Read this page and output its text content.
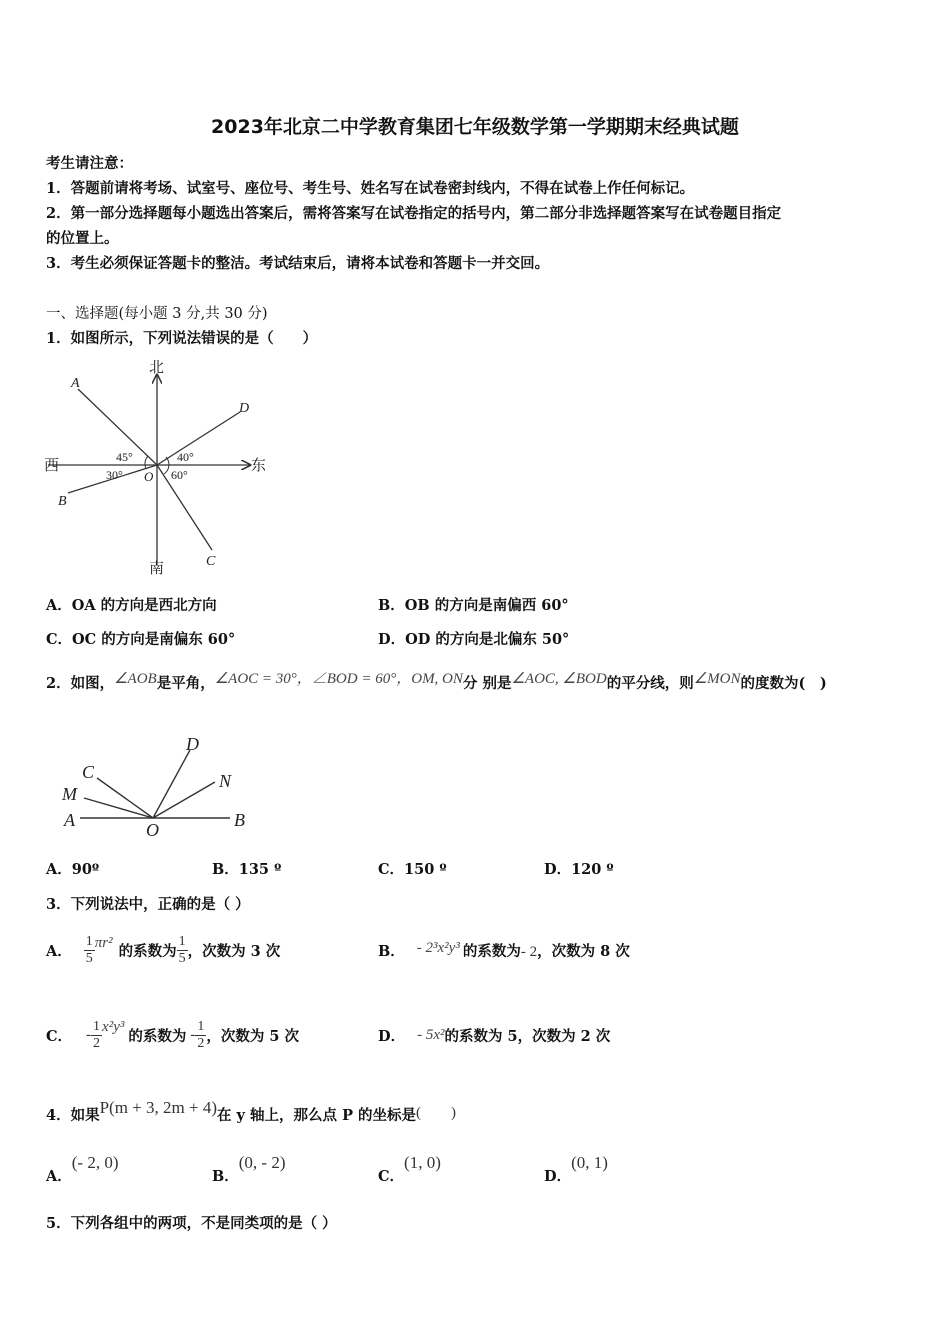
2023年北京二中学教育集团七年级数学第一学期期末经典试题
考生请注意：
1．答题前请将考场、试室号、座位号、考生号、姓名写在试卷密封线内，不得在试卷上作任何标记。
2．第一部分选择题每小题选出答案后，需将答案写在试卷指定的括号内，第二部分非选择题答案写在试卷题目指定
的位置上。
3．考生必须保证答题卡的整洁。考试结束后，请将本试卷和答题卡一并交回。
一、选择题(每小题 3 分,共 30 分)
1．如图所示，下列说法错误的是（　　）
北
南
西	东
A
B
C
D
O
45°	40°
30°	60°
A．OA 的方向是西北方向	B．OB 的方向是南偏西 60°
C．OC 的方向是南偏东 60°	D．OD 的方向是北偏东 50°
2．如图，∠AOB是平角，∠AOC = 30°，∠BOD = 60°，OM, ON分 别是∠AOC, ∠BOD的平分线，则∠MON的度数为(　)
A	B
C
D
M
N
O
A．90º	B．135 º	C．150 º	D．120 º
3．下列说法中，正确的是（ ）
A． $\frac{1}{5} \pi r^2$ 的系数为 $\frac{1}{5}$ ，次数为 3 次	B． - 2³x²y³ 的系数为 - 2 ，次数为 8 次
C． - $\frac{1}{2} x^2y^3$
的系数为 - $\frac{1}{2}$ ，次数为 5 次	D． - 5x² 的系数为 5，次数为 2 次
4．如果 P(m + 3, 2m + 4) 在 y 轴上，那么点 P 的坐标是 (　　)
A．
(- 2, 0)
B．
(0, - 2)
C．
(1, 0)
D．
(0, 1)
5．下列各组中的两项，不是同类项的是（ ）
